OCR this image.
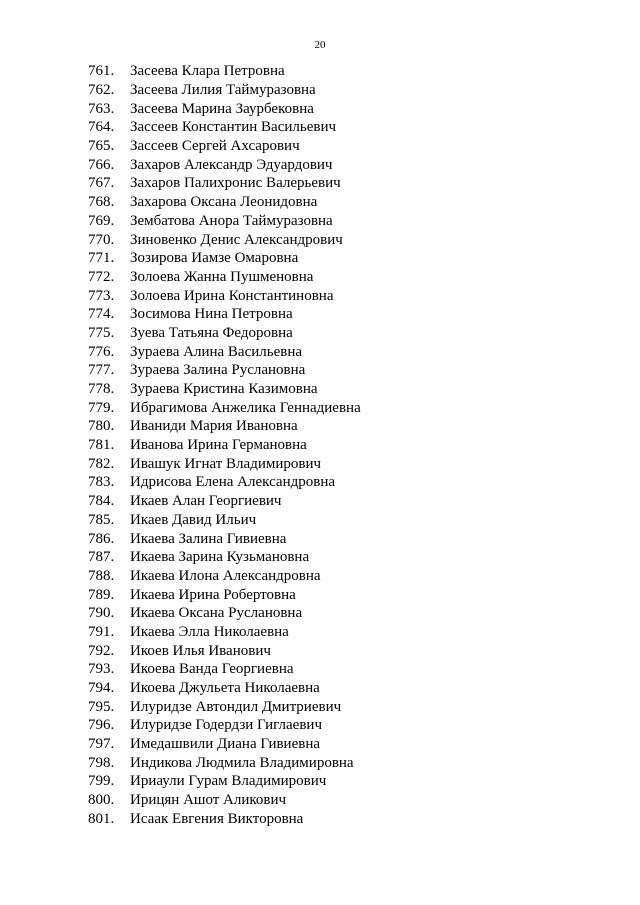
20
761.	Засеева Клара Петровна
762.	Засеева Лилия Таймуразовна
763.	Засеева Марина Заурбековна
764.	Зассеев Константин Васильевич
765.	Зассеев Сергей Ахсарович
766.	Захаров Александр Эдуардович
767.	Захаров Палихронис Валерьевич
768.	Захарова Оксана Леонидовна
769.	Зембатова Анора Таймуразовна
770.	Зиновенко Денис Александрович
771.	Зозирова Иамзе Омаровна
772.	Золоева Жанна Пушменовна
773.	Золоева Ирина Константиновна
774.	Зосимова Нина Петровна
775.	Зуева Татьяна Федоровна
776.	Зураева Алина Васильевна
777.	Зураева Залина Руслановна
778.	Зураева Кристина Казимовна
779.	Ибрагимова Анжелика Геннадиевна
780.	Иваниди Мария Ивановна
781.	Иванова Ирина Германовна
782.	Ивашук Игнат Владимирович
783.	Идрисова Елена Александровна
784.	Икаев Алан Георгиевич
785.	Икаев Давид Ильич
786.	Икаева Залина Гивиевна
787.	Икаева Зарина Кузьмановна
788.	Икаева Илона Александровна
789.	Икаева Ирина Робертовна
790.	Икаева Оксана Руслановна
791.	Икаева Элла Николаевна
792.	Икоев Илья Иванович
793.	Икоева Ванда Георгиевна
794.	Икоева Джульета Николаевна
795.	Илуридзе Автондил Дмитриевич
796.	Илуридзе Годердзи Гиглаевич
797.	Имедашвили Диана Гивиевна
798.	Индикова Людмила Владимировна
799.	Ириаули Гурам Владимирович
800.	Ирицян Ашот Аликович
801.	Исаак Евгения Викторовна
